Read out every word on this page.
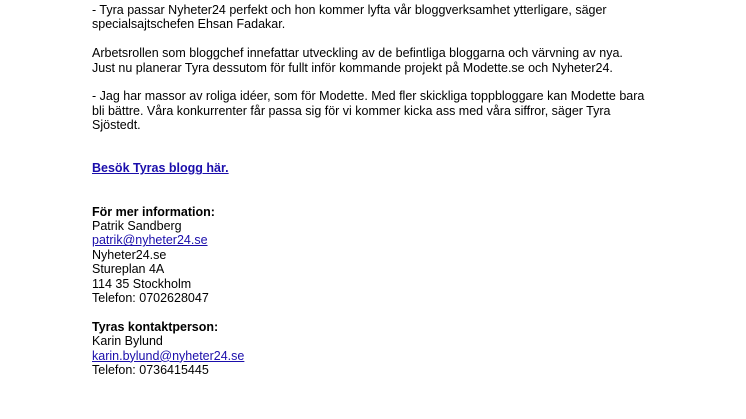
- Tyra passar Nyheter24 perfekt och hon kommer lyfta vår bloggverksamhet ytterligare, säger
specialsajtschefen Ehsan Fadakar.
Arbetsrollen som bloggchef innefattar utveckling av de befintliga bloggarna och värvning av nya.
Just nu planerar Tyra dessutom för fullt inför kommande projekt på Modette.se och Nyheter24.
- Jag har massor av roliga idéer, som för Modette. Med fler skickliga toppbloggare kan Modette bara
bli bättre. Våra konkurrenter får passa sig för vi kommer kicka ass med våra siffror, säger Tyra
Sjöstedt.
Besök Tyras blogg här.
För mer information:
Patrik Sandberg
patrik@nyheter24.se
Nyheter24.se
Stureplan 4A
114 35 Stockholm
Telefon: 0702628047
Tyras kontaktperson:
Karin Bylund
karin.bylund@nyheter24.se
Telefon: 0736415445
